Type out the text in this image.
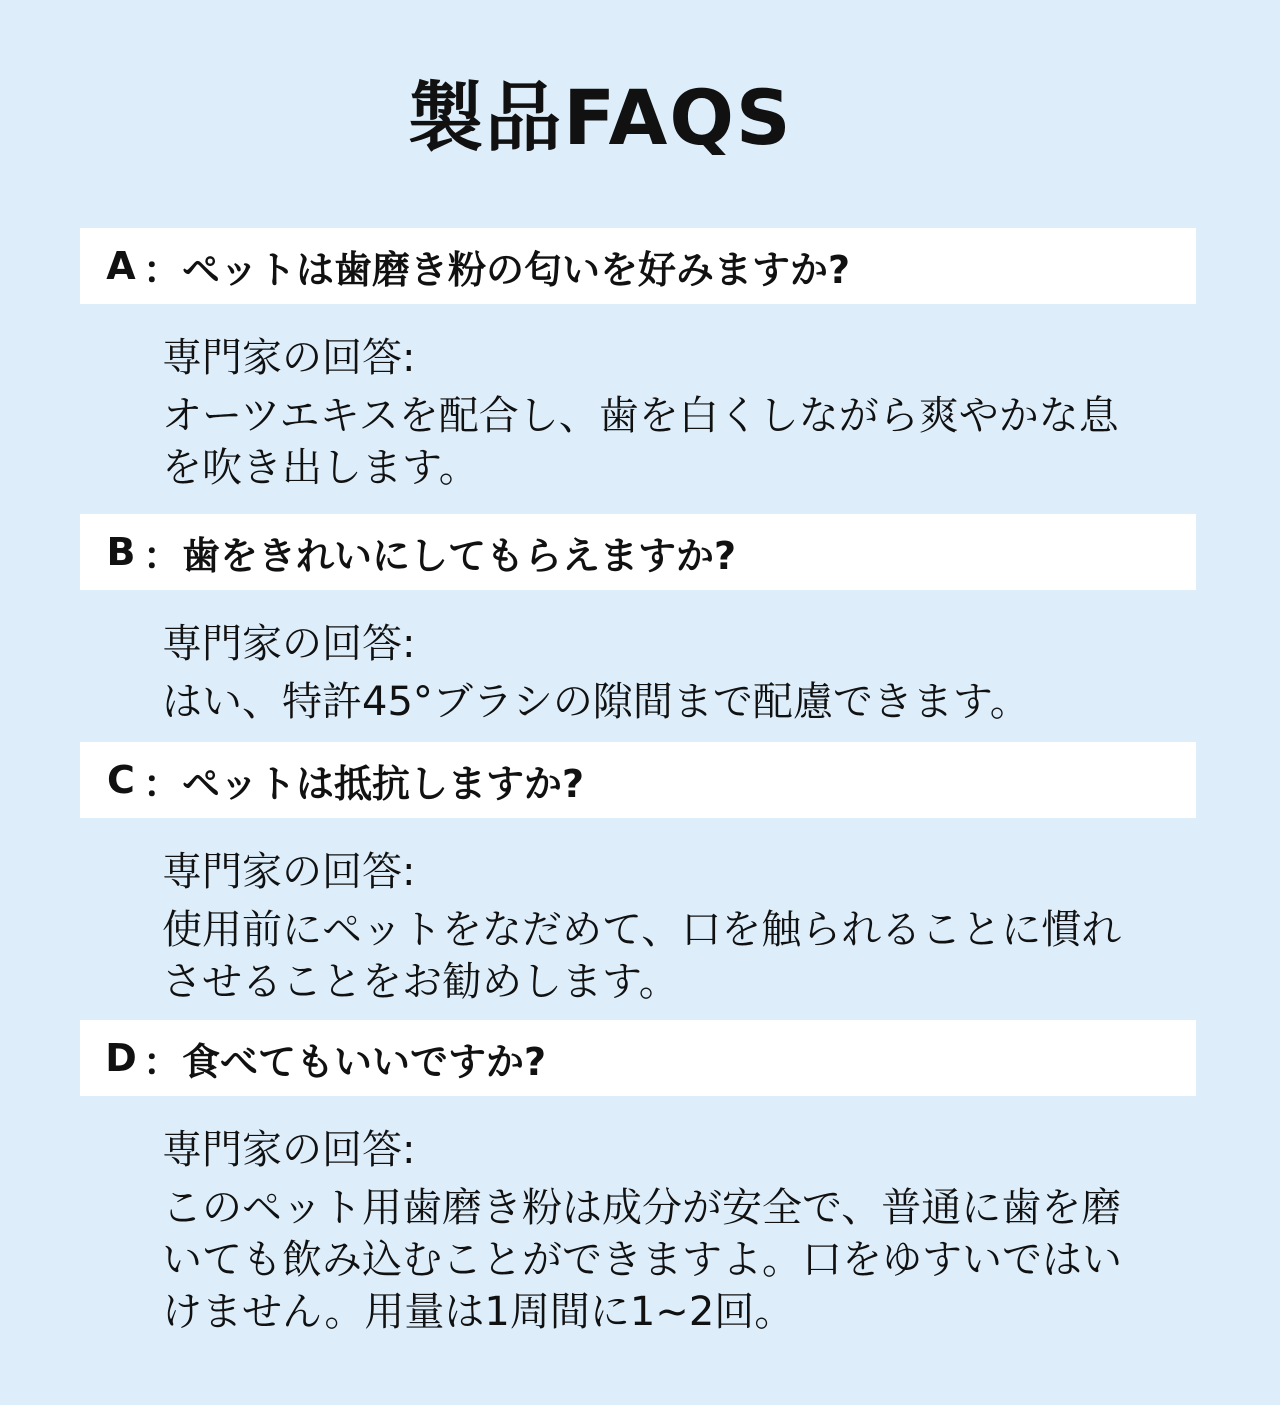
製品FAQS
A ： ペットは歯磨き粉の匂いを好みますか?
専門家の回答:
オーツエキスを配合し、歯を白くしながら爽やかな息を吹き出します。
B ： 歯をきれいにしてもらえますか?
専門家の回答:
はい、特許45°ブラシの隙間まで配慮できます。
C ： ペットは抵抗しますか?
専門家の回答:
使用前にペットをなだめて、口を触られることに慣れさせることをお勧めします。
D ： 食べてもいいですか?
専門家の回答:
このペット用歯磨き粉は成分が安全で、普通に歯を磨いても飲み込むことができますよ。口をゆすいではいけません。用量は1周間に1~2回。
